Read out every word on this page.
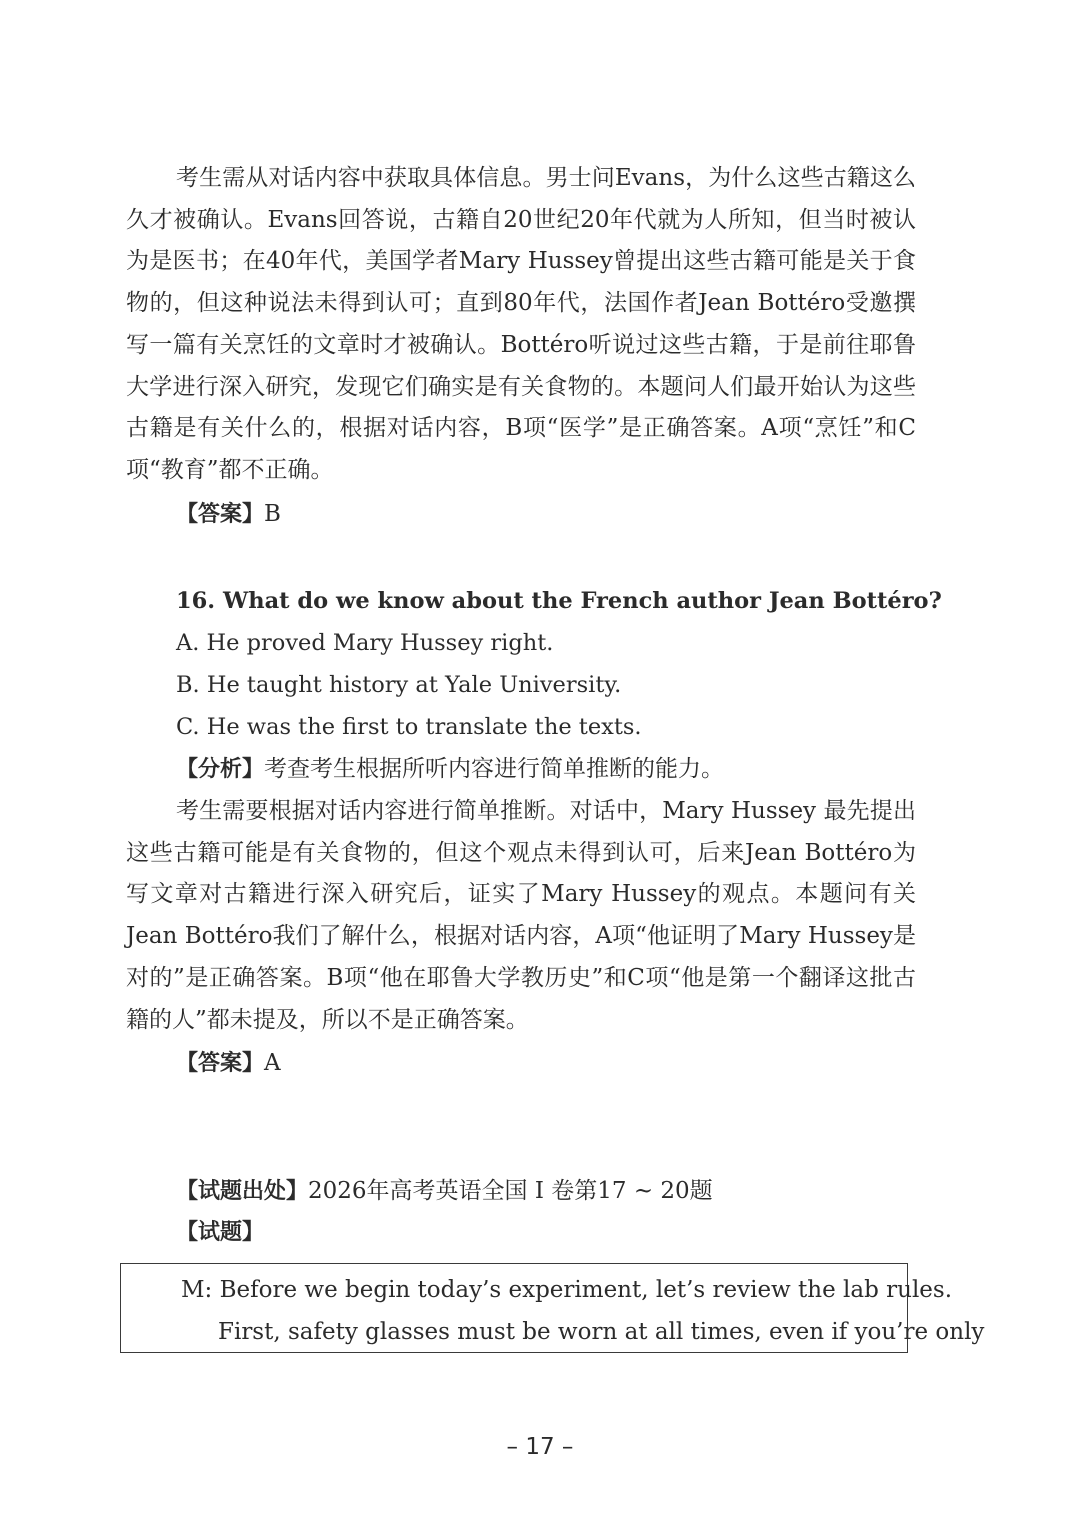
考生需从对话内容中获取具体信息。男士问Evans，为什么这些古籍这么久才被确认。Evans回答说，古籍自20世纪20年代就为人所知，但当时被认为是医书；在40年代，美国学者Mary Hussey曾提出这些古籍可能是关于食物的，但这种说法未得到认可；直到80年代，法国作者Jean Bottéro受邀撰写一篇有关烹饪的文章时才被确认。Bottéro听说过这些古籍，于是前往耶鲁大学进行深入研究，发现它们确实是有关食物的。本题问人们最开始认为这些古籍是有关什么的，根据对话内容，B项“医学”是正确答案。A项“烹饪”和C项“教育”都不正确。

【答案】B

16. What do we know about the French author Jean Bottéro?

A. He proved Mary Hussey right.

B. He taught history at Yale University.

C. He was the first to translate the texts.

【分析】考查考生根据所听内容进行简单推断的能力。

考生需要根据对话内容进行简单推断。对话中，Mary Hussey 最先提出这些古籍可能是有关食物的，但这个观点未得到认可，后来Jean Bottéro为写文章对古籍进行深入研究后，证实了Mary Hussey的观点。本题问有关Jean Bottéro我们了解什么，根据对话内容，A项“他证明了Mary Hussey是对的”是正确答案。B项“他在耶鲁大学教历史”和C项“他是第一个翻译这批古籍的人”都未提及，所以不是正确答案。

【答案】A

【试题出处】2026年高考英语全国 I 卷第17 ~ 20题

【试题】

M: Before we begin today’s experiment, let’s review the lab rules.

First, safety glasses must be worn at all times, even if you’re only

– 17 –
